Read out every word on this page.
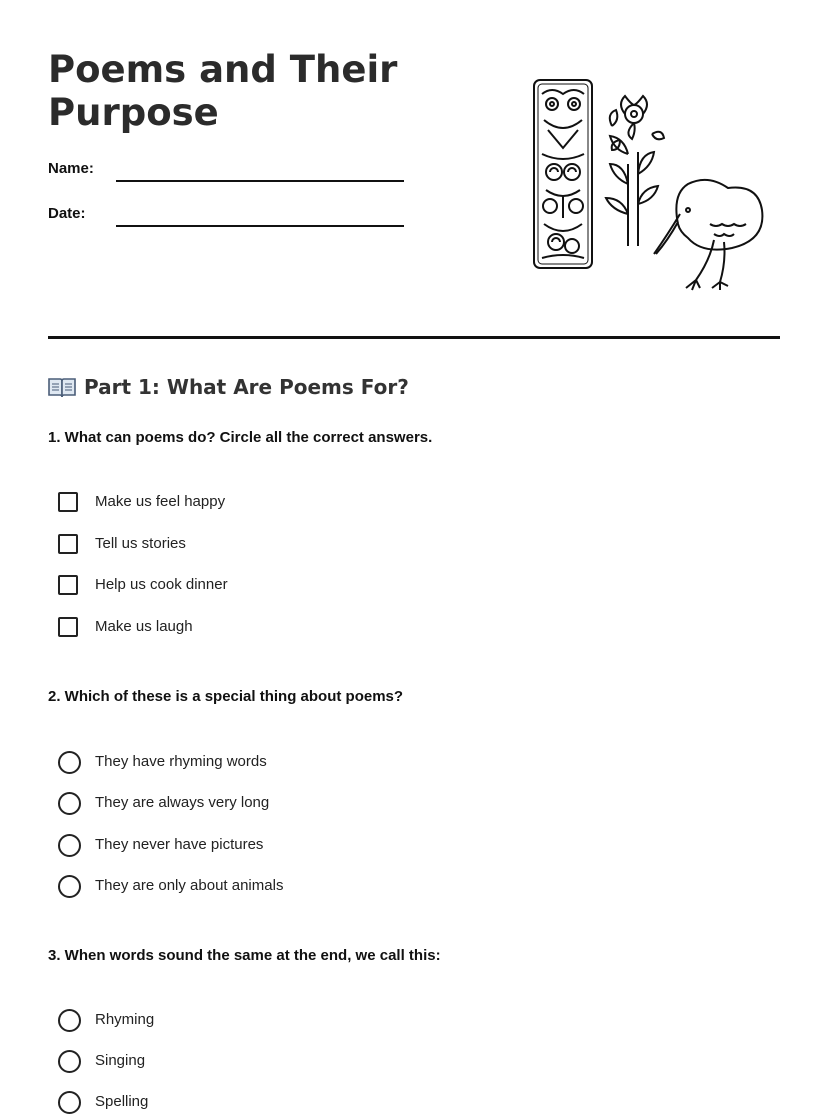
Poems and Their Purpose
Name:
Date:
Part 1: What Are Poems For?

1. What can poems do? Circle all the correct answers.

Make us feel happy
Tell us stories
Help us cook dinner
Make us laugh

2. Which of these is a special thing about poems?

They have rhyming words
They are always very long
They never have pictures
They are only about animals

3. When words sound the same at the end, we call this:

Rhyming
Singing
Spelling
